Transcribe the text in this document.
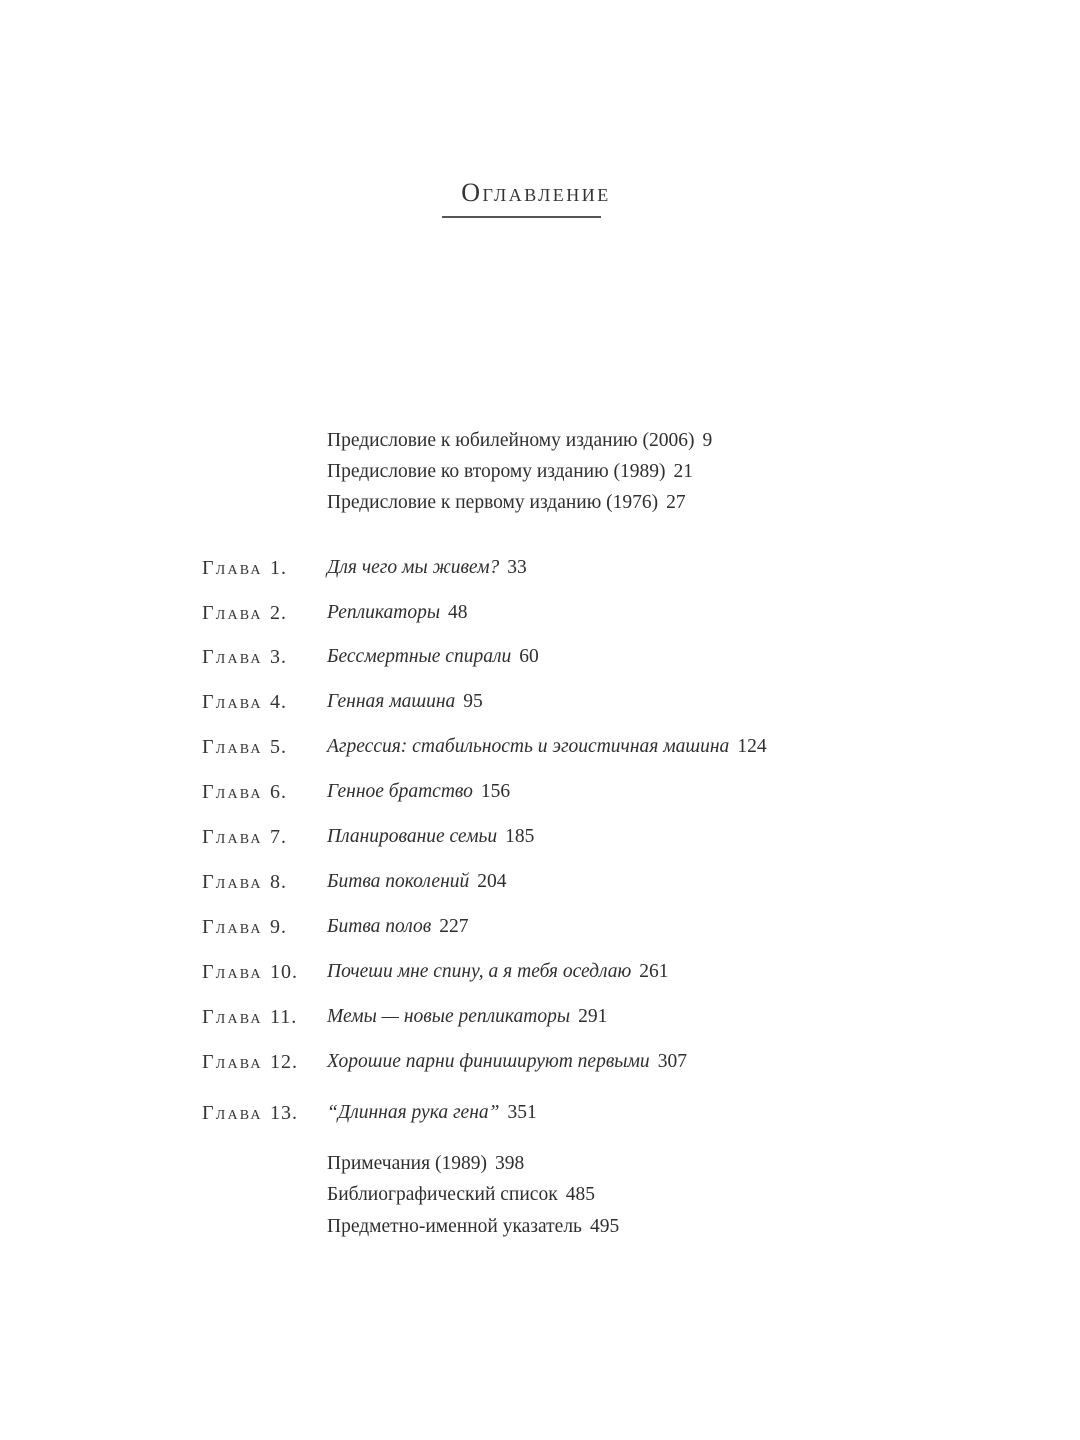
Оглавление
Предисловие к юбилейному изданию (2006) 9
Предисловие ко второму изданию (1989) 21
Предисловие к первому изданию (1976) 27
Глава 1. Для чего мы живем? 33
Глава 2. Репликаторы 48
Глава 3. Бессмертные спирали 60
Глава 4. Генная машина 95
Глава 5. Агрессия: стабильность и эгоистичная машина 124
Глава 6. Генное братство 156
Глава 7. Планирование семьи 185
Глава 8. Битва поколений 204
Глава 9. Битва полов 227
Глава 10. Почеши мне спину, а я тебя оседлаю 261
Глава 11. Мемы — новые репликаторы 291
Глава 12. Хорошие парни финишируют первыми 307
Глава 13. “Длинная рука гена” 351
Примечания (1989) 398
Библиографический список 485
Предметно-именной указатель 495
